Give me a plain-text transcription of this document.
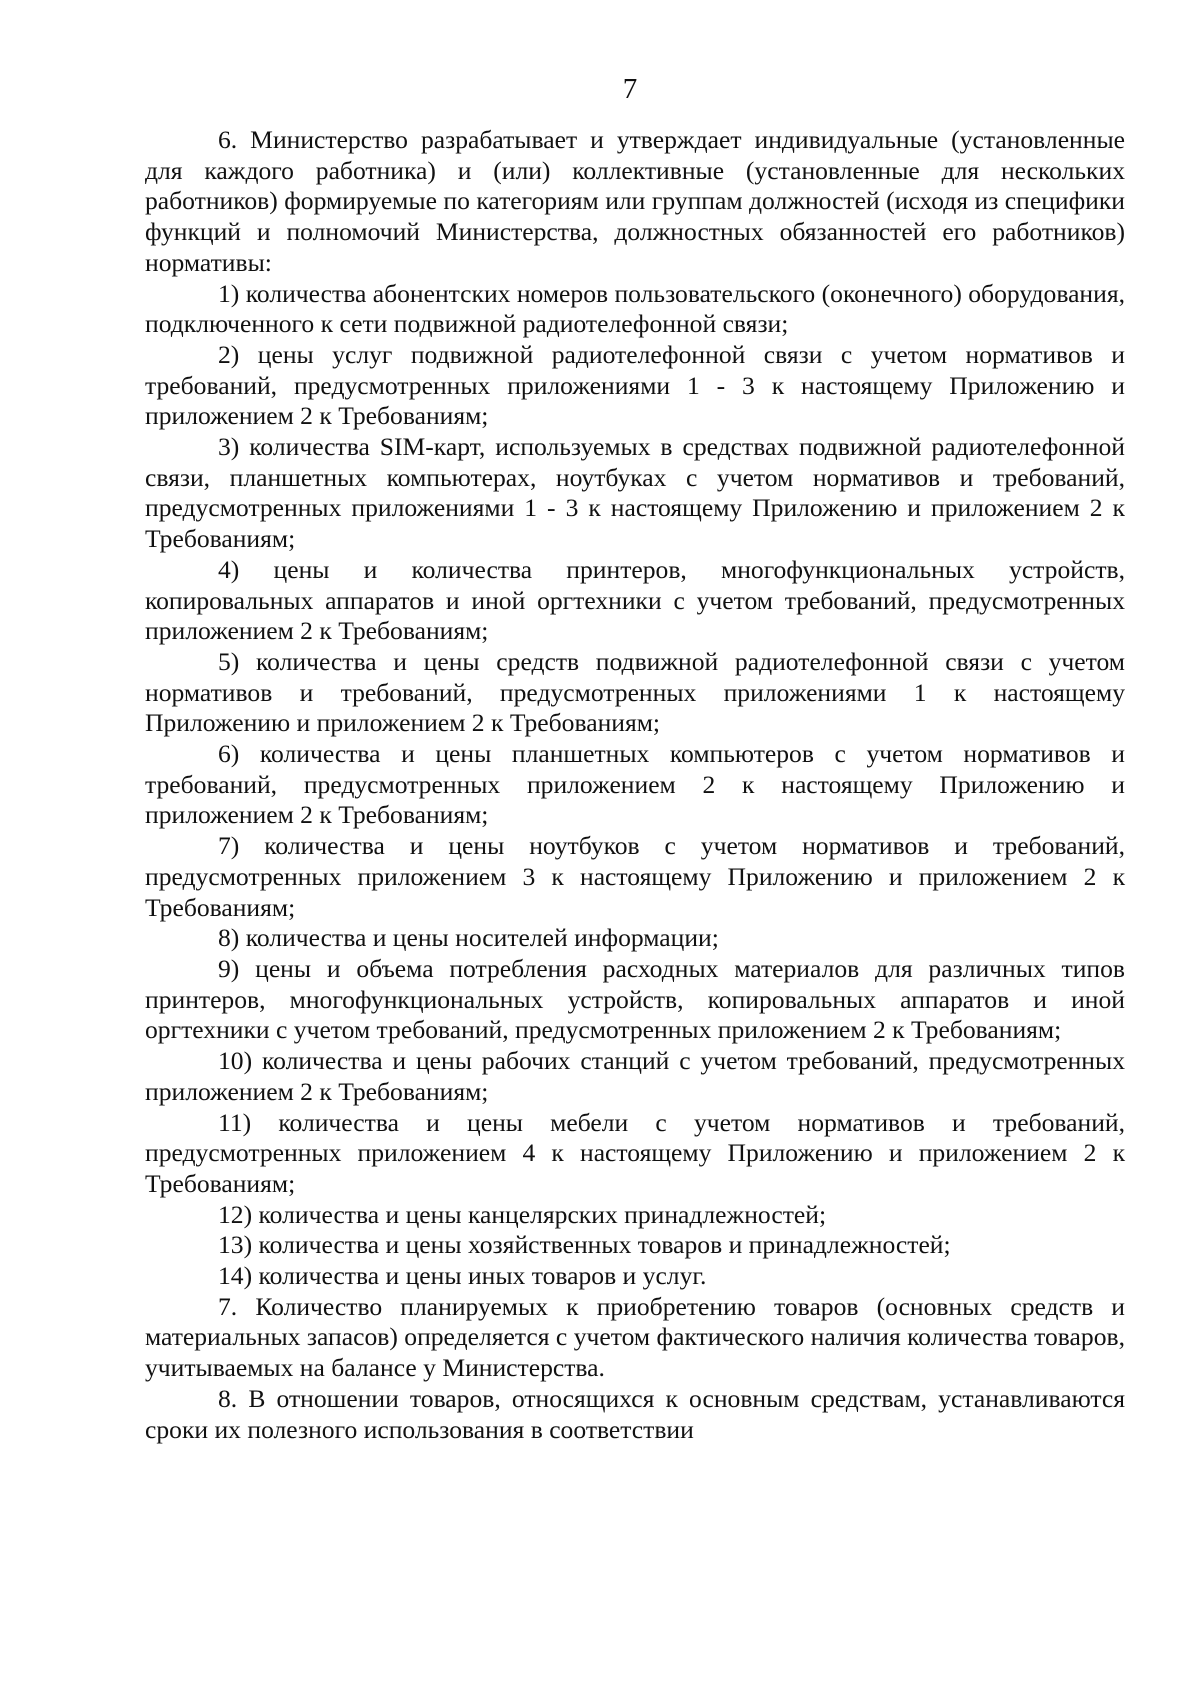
7

6. Министерство разрабатывает и утверждает индивидуальные (установленные для каждого работника) и (или) коллективные (установленные для нескольких работников) формируемые по категориям или группам должностей (исходя из специфики функций и полномочий Министерства, должностных обязанностей его работников) нормативы:

1) количества абонентских номеров пользовательского (оконечного) оборудования, подключенного к сети подвижной радиотелефонной связи;

2) цены услуг подвижной радиотелефонной связи с учетом нормативов и требований, предусмотренных приложениями 1 - 3 к настоящему Приложению и приложением 2 к Требованиям;

3) количества SIM-карт, используемых в средствах подвижной радиотелефонной связи, планшетных компьютерах, ноутбуках с учетом нормативов и требований, предусмотренных приложениями 1 - 3 к настоящему Приложению и приложением 2 к Требованиям;

4) цены и количества принтеров, многофункциональных устройств, копировальных аппаратов и иной оргтехники с учетом требований, предусмотренных приложением 2 к Требованиям;

5) количества и цены средств подвижной радиотелефонной связи с учетом нормативов и требований, предусмотренных приложениями 1 к настоящему Приложению и приложением 2 к Требованиям;

6) количества и цены планшетных компьютеров с учетом нормативов и требований, предусмотренных приложением 2 к настоящему Приложению и приложением 2 к Требованиям;

7) количества и цены ноутбуков с учетом нормативов и требований, предусмотренных приложением 3 к настоящему Приложению и приложением 2 к Требованиям;

8) количества и цены носителей информации;

9) цены и объема потребления расходных материалов для различных типов принтеров, многофункциональных устройств, копировальных аппаратов и иной оргтехники с учетом требований, предусмотренных приложением 2 к Требованиям;

10) количества и цены рабочих станций с учетом требований, предусмотренных приложением 2 к Требованиям;

11) количества и цены мебели с учетом нормативов и требований, предусмотренных приложением 4 к настоящему Приложению и приложением 2 к Требованиям;

12) количества и цены канцелярских принадлежностей;

13) количества и цены хозяйственных товаров и принадлежностей;

14) количества и цены иных товаров и услуг.

7. Количество планируемых к приобретению товаров (основных средств и материальных запасов) определяется с учетом фактического наличия количества товаров, учитываемых на балансе у Министерства.

8. В отношении товаров, относящихся к основным средствам, устанавливаются сроки их полезного использования в соответствии
